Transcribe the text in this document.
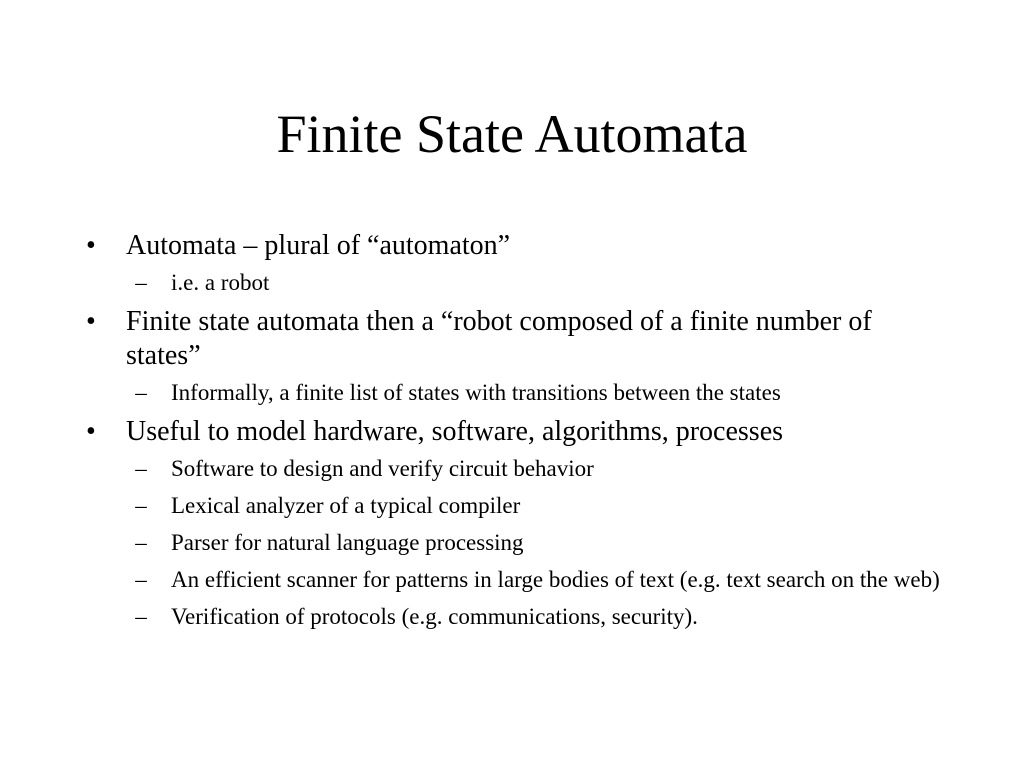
Finite State Automata
•	Automata – plural of “automaton”
–	i.e. a robot
•	Finite state automata then a “robot composed of a finite number of states”
–	Informally, a finite list of states with transitions between the states
•	Useful to model hardware, software, algorithms, processes
–	Software to design and verify circuit behavior
–	Lexical analyzer of a typical compiler
–	Parser for natural language processing
–	An efficient scanner for patterns in large bodies of text (e.g. text search on the web)
–	Verification of protocols (e.g. communications, security).
